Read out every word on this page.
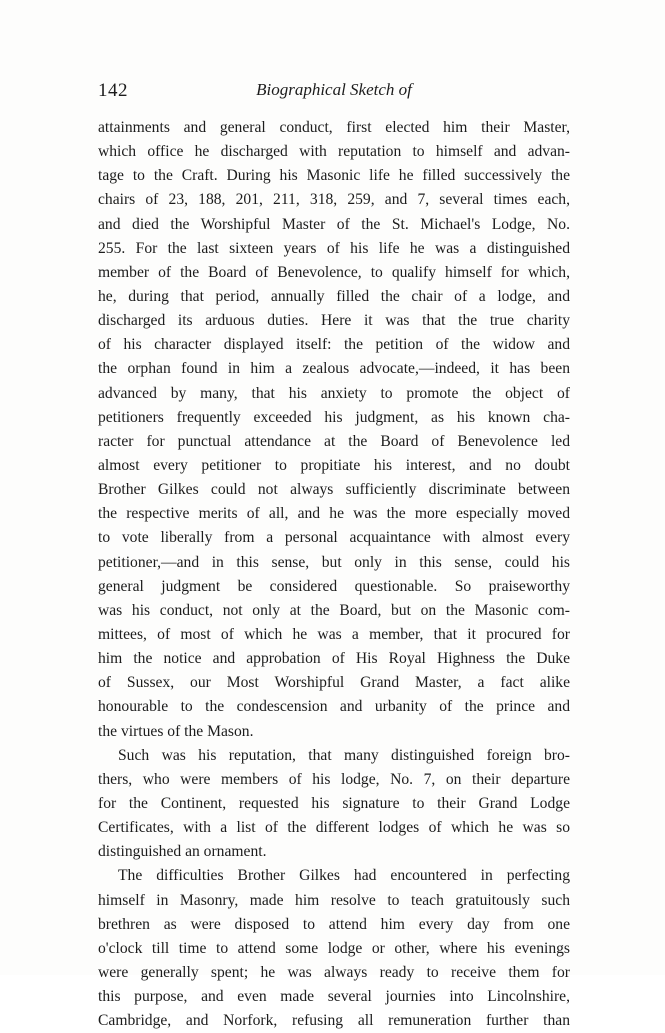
142	Biographical Sketch of
attainments and general conduct, first elected him their Master,
which office he discharged with reputation to himself and advan-
tage to the Craft. During his Masonic life he filled successively the
chairs of 23, 188, 201, 211, 318, 259, and 7, several times each,
and died the Worshipful Master of the St. Michael's Lodge, No.
255. For the last sixteen years of his life he was a distinguished
member of the Board of Benevolence, to qualify himself for which,
he, during that period, annually filled the chair of a lodge, and
discharged its arduous duties. Here it was that the true charity
of his character displayed itself: the petition of the widow and
the orphan found in him a zealous advocate,—indeed, it has been
advanced by many, that his anxiety to promote the object of
petitioners frequently exceeded his judgment, as his known cha-
racter for punctual attendance at the Board of Benevolence led
almost every petitioner to propitiate his interest, and no doubt
Brother Gilkes could not always sufficiently discriminate between
the respective merits of all, and he was the more especially moved
to vote liberally from a personal acquaintance with almost every
petitioner,—and in this sense, but only in this sense, could his
general judgment be considered questionable. So praiseworthy
was his conduct, not only at the Board, but on the Masonic com-
mittees, of most of which he was a member, that it procured for
him the notice and approbation of His Royal Highness the Duke
of Sussex, our Most Worshipful Grand Master, a fact alike
honourable to the condescension and urbanity of the prince and
the virtues of the Mason.
Such was his reputation, that many distinguished foreign bro-
thers, who were members of his lodge, No. 7, on their departure
for the Continent, requested his signature to their Grand Lodge
Certificates, with a list of the different lodges of which he was so
distinguished an ornament.
The difficulties Brother Gilkes had encountered in perfecting
himself in Masonry, made him resolve to teach gratuitously such
brethren as were disposed to attend him every day from one
o'clock till time to attend some lodge or other, where his evenings
were generally spent; he was always ready to receive them for
this purpose, and even made several journies into Lincolnshire,
Cambridge, and Norfork, refusing all remuneration further than
